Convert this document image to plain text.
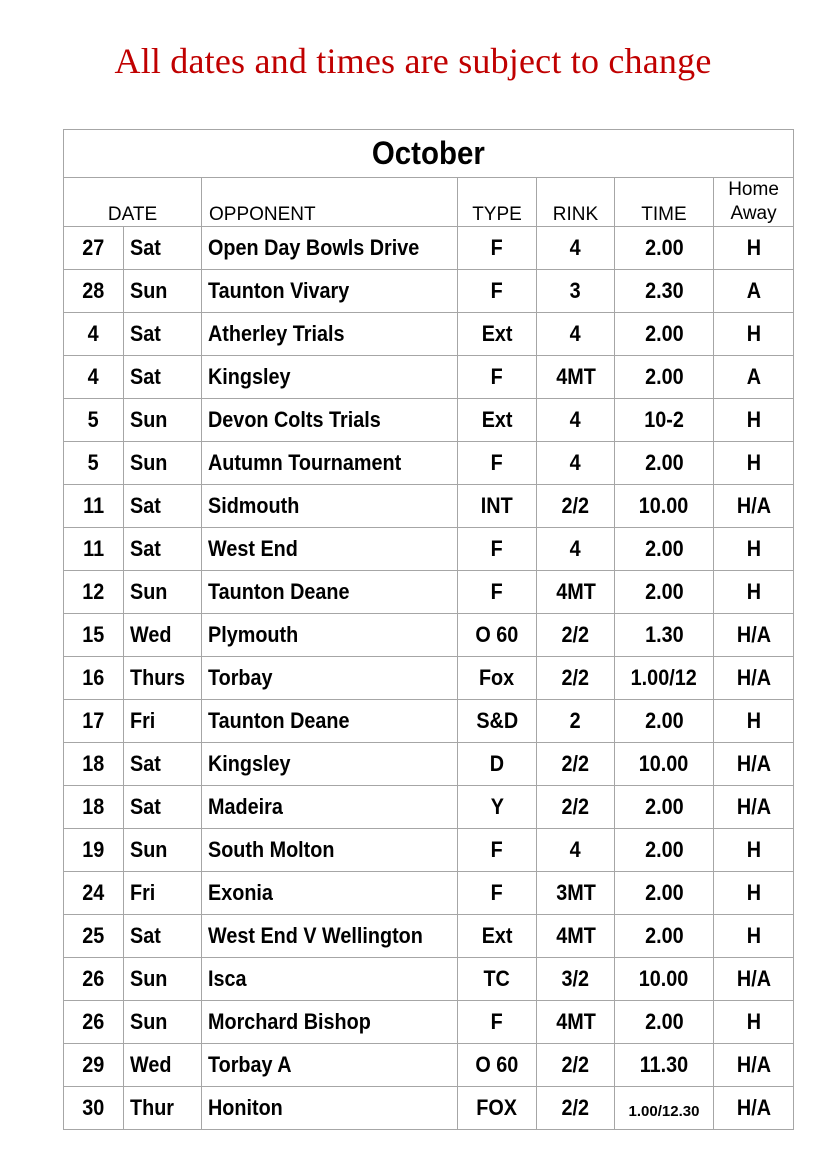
All dates and times are subject to change
October						
DATE		OPPONENT	TYPE	RINK	TIME	Home
Away

27	Sat	Open Day Bowls Drive	F	4	2.00	H
28	Sun	Taunton Vivary	F	3	2.30	A
4	Sat	Atherley Trials	Ext	4	2.00	H
4	Sat	Kingsley	F	4MT	2.00	A
5	Sun	Devon Colts Trials	Ext	4	10-2	H
5	Sun	Autumn Tournament	F	4	2.00	H
11	Sat	Sidmouth	INT	2/2	10.00	H/A
11	Sat	West End	F	4	2.00	H
12	Sun	Taunton Deane	F	4MT	2.00	H
15	Wed	Plymouth	O 60	2/2	1.30	H/A
16	Thurs	Torbay	Fox	2/2	1.00/12	H/A
17	Fri	Taunton Deane	S&D	2	2.00	H
18	Sat	Kingsley	D	2/2	10.00	H/A
18	Sat	Madeira	Y	2/2	2.00	H/A
19	Sun	South Molton	F	4	2.00	H
24	Fri	Exonia	F	3MT	2.00	H
25	Sat	West End V Wellington	Ext	4MT	2.00	H
26	Sun	Isca	TC	3/2	10.00	H/A
26	Sun	Morchard Bishop	F	4MT	2.00	H
29	Wed	Torbay A	O 60	2/2	11.30	H/A
30	Thur	Honiton	FOX	2/2	1.00/12.30	H/A
